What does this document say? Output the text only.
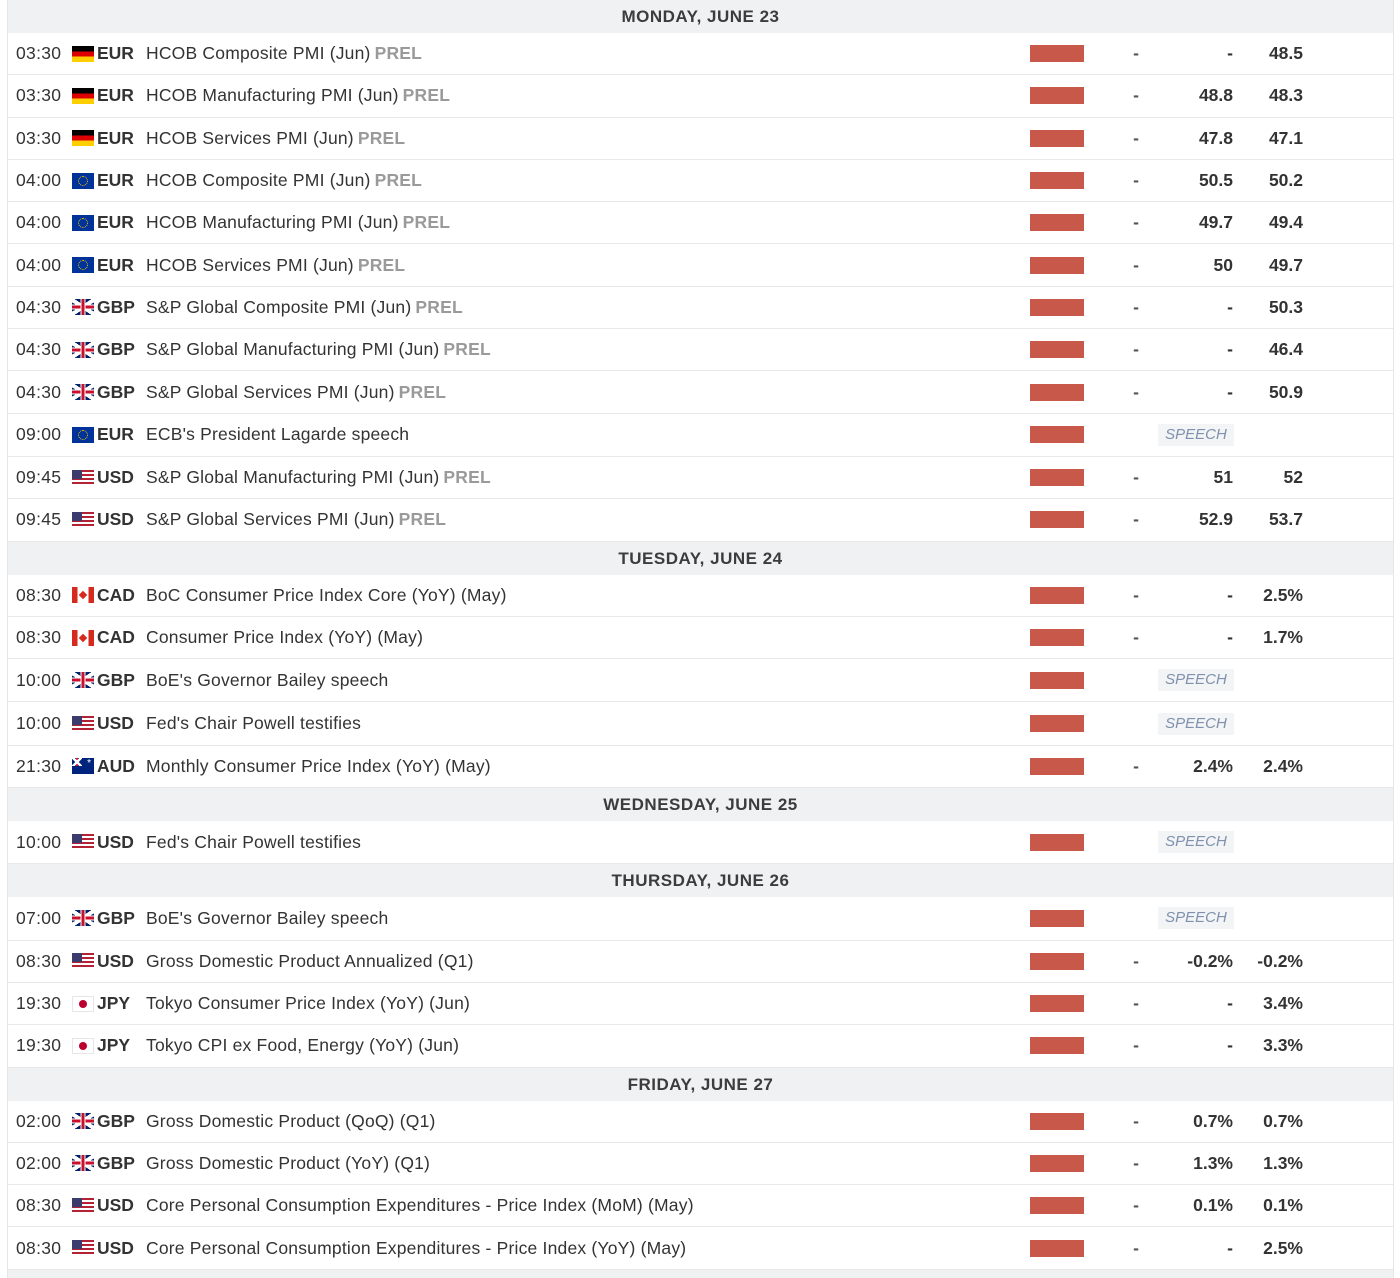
MONDAY, JUNE 23
03:30 EUR HCOB Composite PMI (Jun) PREL	-	- 48.5
03:30 EUR HCOB Manufacturing PMI (Jun) PREL	-	48.8 48.3
03:30 EUR HCOB Services PMI (Jun) PREL	-	47.8 47.1
04:00 EUR HCOB Composite PMI (Jun) PREL	-	50.5 50.2
04:00 EUR HCOB Manufacturing PMI (Jun) PREL	-	49.7 49.4
04:00 EUR HCOB Services PMI (Jun) PREL	-	50 49.7
04:30 GBP S&P Global Composite PMI (Jun) PREL	-	- 50.3
04:30 GBP S&P Global Manufacturing PMI (Jun) PREL	-	- 46.4
04:30 GBP S&P Global Services PMI (Jun) PREL	-	- 50.9
09:00 EUR ECB's President Lagarde speech	SPEECH
09:45 USD S&P Global Manufacturing PMI (Jun) PREL	-	51	52
09:45 USD S&P Global Services PMI (Jun) PREL	-	52.9 53.7
TUESDAY, JUNE 24
08:30 CAD BoC Consumer Price Index Core (YoY) (May)	-	- 2.5%
08:30 CAD Consumer Price Index (YoY) (May)	-	- 1.7%
10:00 GBP BoE's Governor Bailey speech	SPEECH
10:00 USD Fed's Chair Powell testifies	SPEECH
21:30
* AUD Monthly Consumer Price Index (YoY) (May)	-	2.4% 2.4%
WEDNESDAY, JUNE 25
10:00 USD Fed's Chair Powell testifies	SPEECH
THURSDAY, JUNE 26
07:00 GBP BoE's Governor Bailey speech	SPEECH
08:30 USD Gross Domestic Product Annualized (Q1)	-	-0.2% -0.2%
19:30 JPY Tokyo Consumer Price Index (YoY) (Jun)	-	- 3.4%
19:30 JPY Tokyo CPI ex Food, Energy (YoY) (Jun)	-	- 3.3%
FRIDAY, JUNE 27
02:00 GBP Gross Domestic Product (QoQ) (Q1)	-	0.7% 0.7%
02:00 GBP Gross Domestic Product (YoY) (Q1)	-	1.3% 1.3%
08:30 USD Core Personal Consumption Expenditures - Price Index (MoM) (May)	-	0.1% 0.1%
08:30 USD Core Personal Consumption Expenditures - Price Index (YoY) (May)	-	- 2.5%
